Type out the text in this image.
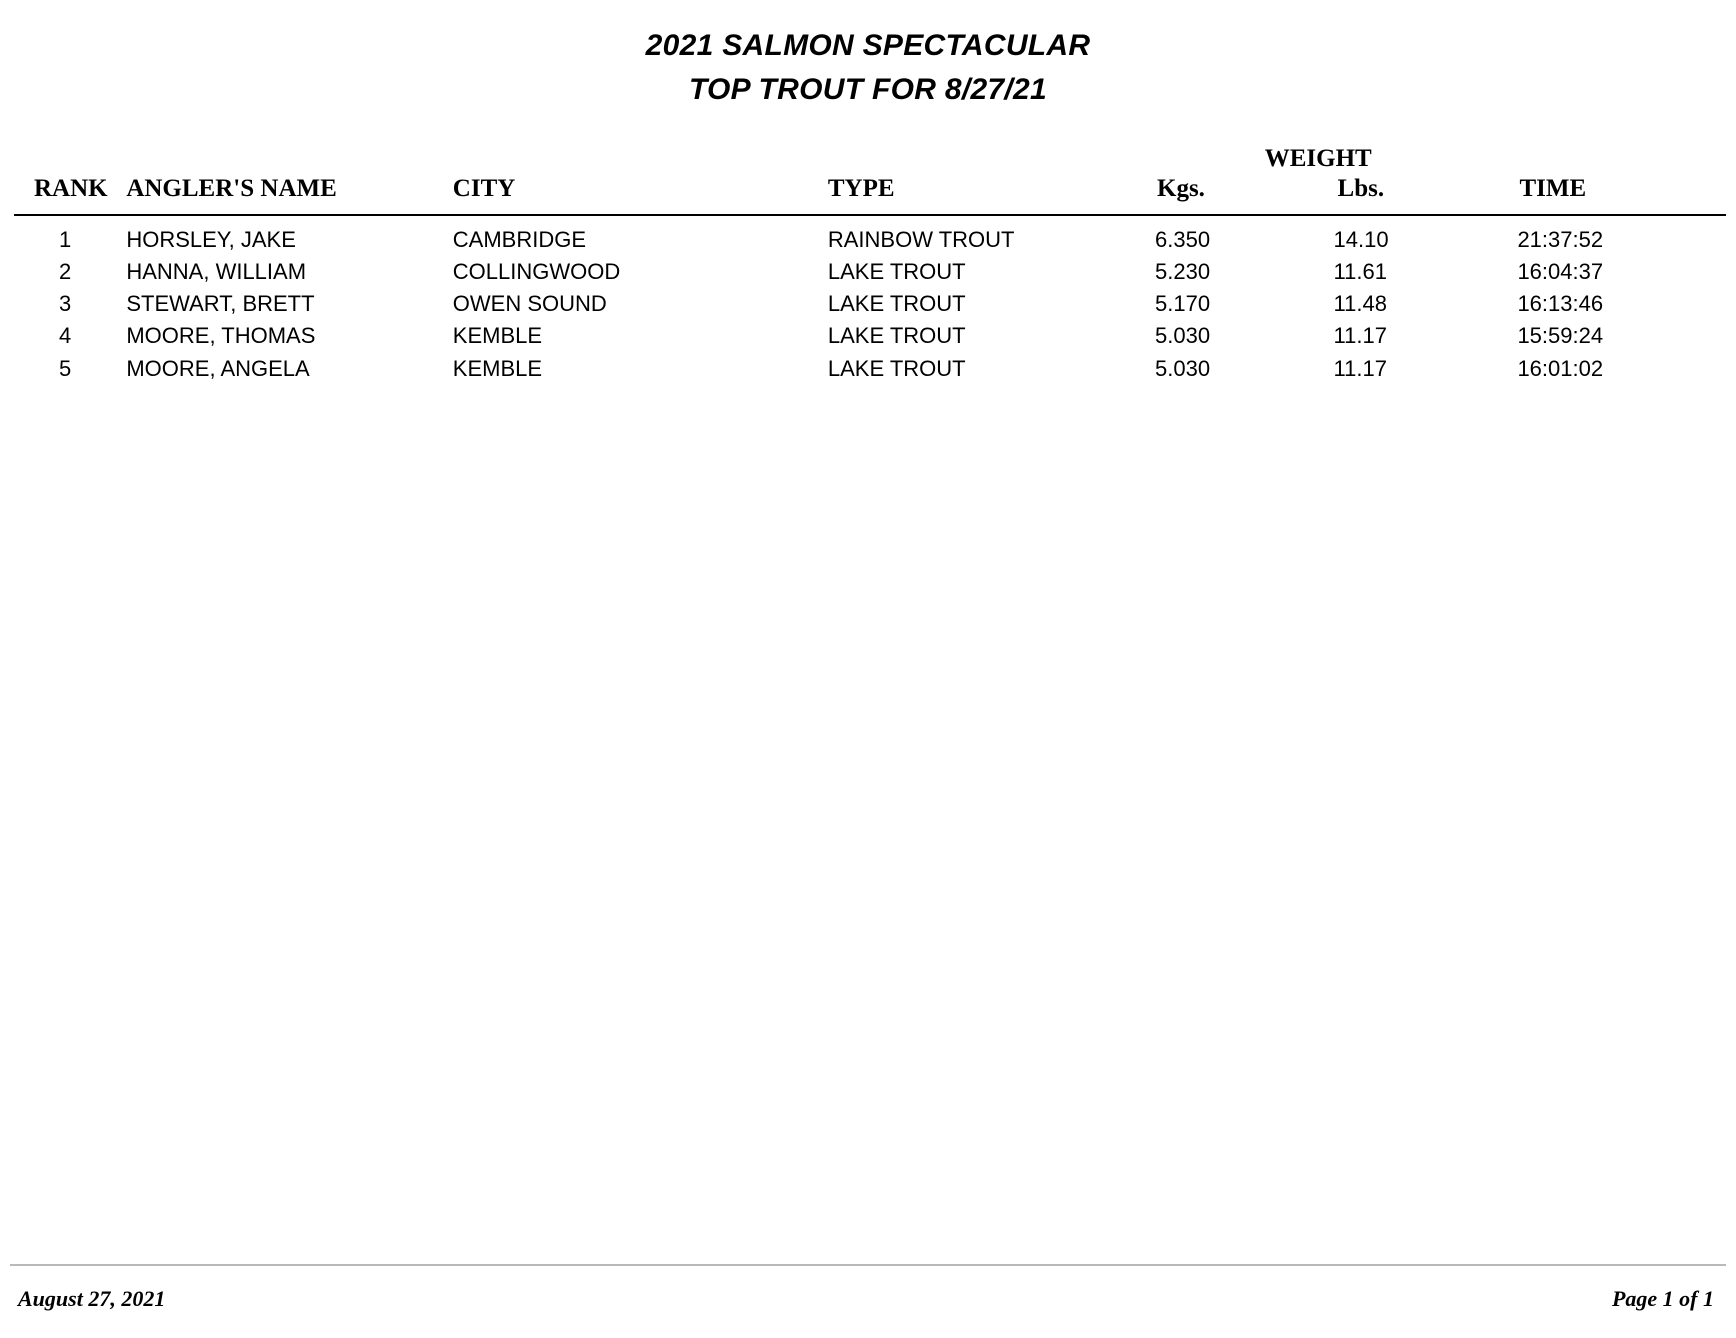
2021 SALMON SPECTACULAR
TOP TROUT FOR 8/27/21
				WEIGHT		
RANK	ANGLER'S NAME	CITY	TYPE	Kgs.	Lbs.	TIME

1	HORSLEY, JAKE	CAMBRIDGE	RAINBOW TROUT	6.350	14.10	21:37:52
2	HANNA, WILLIAM	COLLINGWOOD	LAKE TROUT	5.230	11.61	16:04:37
3	STEWART, BRETT	OWEN SOUND	LAKE TROUT	5.170	11.48	16:13:46
4	MOORE, THOMAS	KEMBLE	LAKE TROUT	5.030	11.17	15:59:24
5	MOORE, ANGELA	KEMBLE	LAKE TROUT	5.030	11.17	16:01:02
August 27, 2021	Page 1 of 1
